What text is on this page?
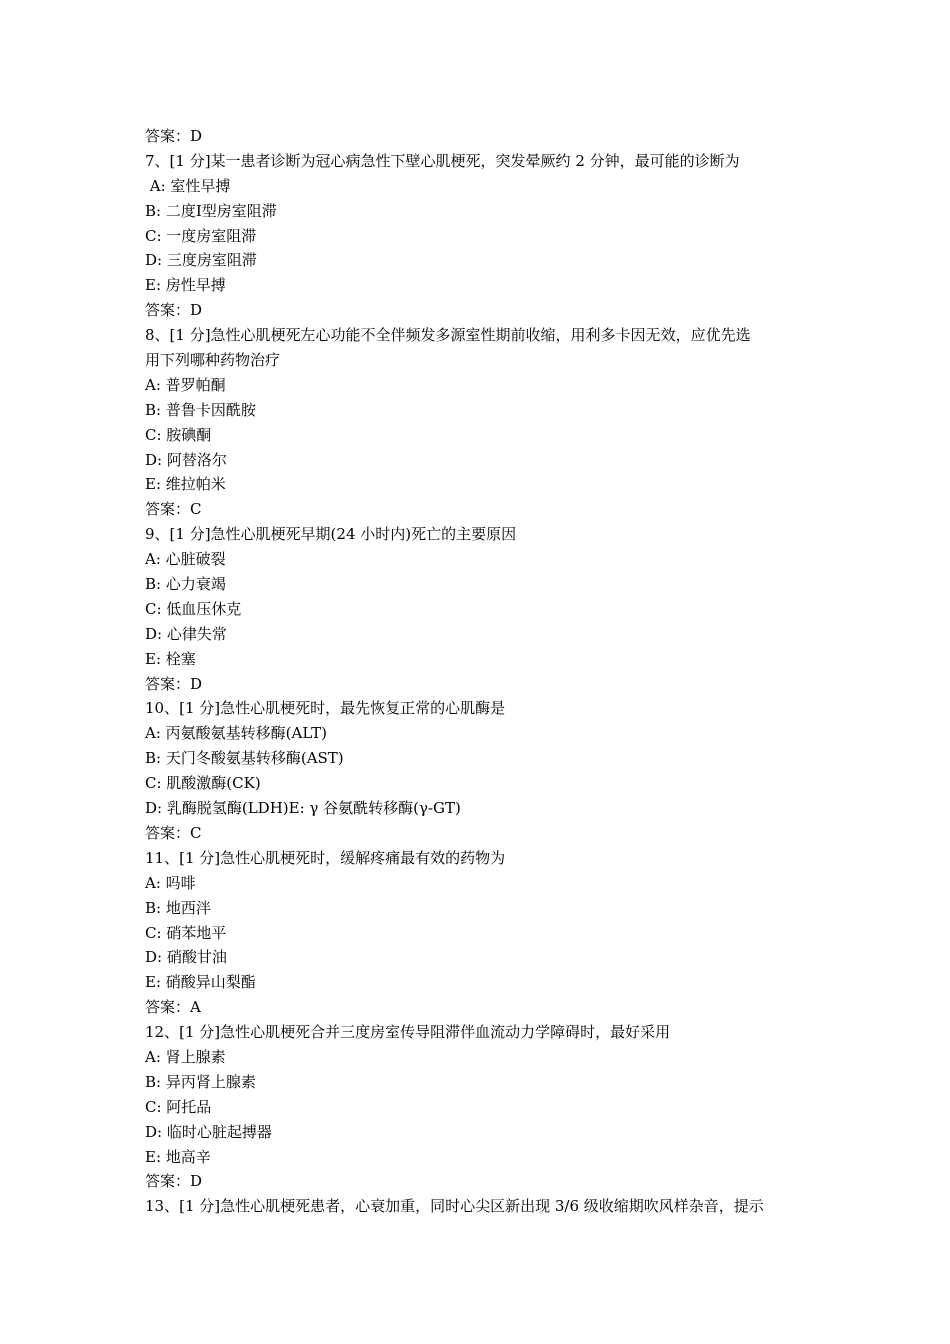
答案：D
7、[1 分]某一患者诊断为冠心病急性下壁心肌梗死，突发晕厥约 2 分钟，最可能的诊断为
A: 室性早搏
B: 二度Ⅰ型房室阻滞
C: 一度房室阻滞
D: 三度房室阻滞
E: 房性早搏
答案：D
8、[1 分]急性心肌梗死左心功能不全伴频发多源室性期前收缩，用利多卡因无效，应优先选
用下列哪种药物治疗
A: 普罗帕酮
B: 普鲁卡因酰胺
C: 胺碘酮
D: 阿替洛尔
E: 维拉帕米
答案：C
9、[1 分]急性心肌梗死早期(24 小时内)死亡的主要原因
A: 心脏破裂
B: 心力衰竭
C: 低血压休克
D: 心律失常
E: 栓塞
答案：D
10、[1 分]急性心肌梗死时，最先恢复正常的心肌酶是
A: 丙氨酸氨基转移酶(ALT)
B: 天门冬酸氨基转移酶(AST)
C: 肌酸激酶(CK)
D: 乳酶脱氢酶(LDH)E: γ 谷氨酰转移酶(γ-GT)
答案：C
11、[1 分]急性心肌梗死时，缓解疼痛最有效的药物为
A: 吗啡
B: 地西泮
C: 硝苯地平
D: 硝酸甘油
E: 硝酸异山梨酯
答案：A
12、[1 分]急性心肌梗死合并三度房室传导阻滞伴血流动力学障碍时，最好采用
A: 肾上腺素
B: 异丙肾上腺素
C: 阿托品
D: 临时心脏起搏器
E: 地高辛
答案：D
13、[1 分]急性心肌梗死患者，心衰加重，同时心尖区新出现 3/6 级收缩期吹风样杂音，提示
